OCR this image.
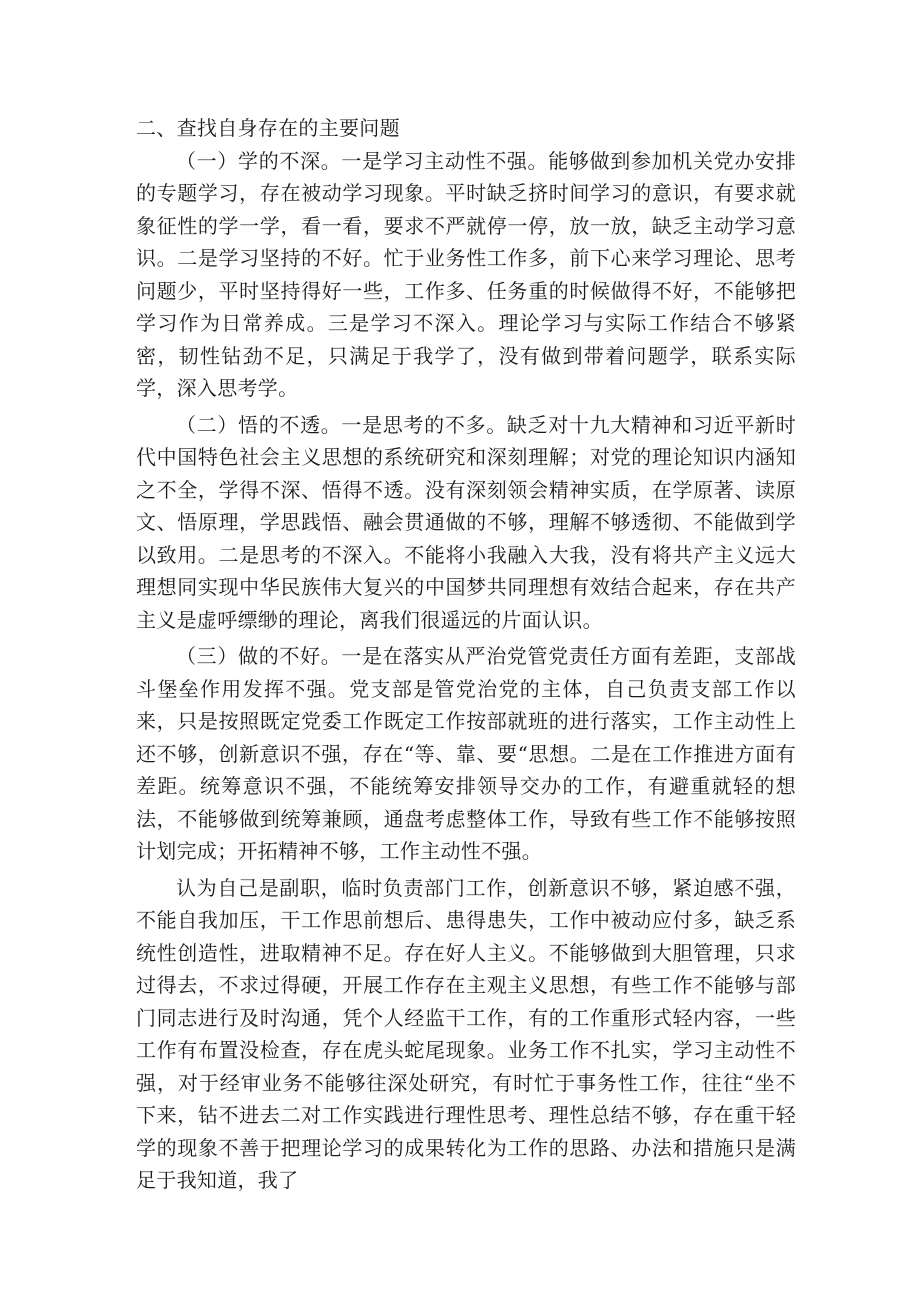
二、查找自身存在的主要问题

（一）学的不深。一是学习主动性不强。能够做到参加机关党办安排的专题学习，存在被动学习现象。平时缺乏挤时间学习的意识，有要求就象征性的学一学，看一看，要求不严就停一停，放一放，缺乏主动学习意识。二是学习坚持的不好。忙于业务性工作多，前下心来学习理论、思考问题少，平时坚持得好一些，工作多、任务重的时候做得不好，不能够把学习作为日常养成。三是学习不深入。理论学习与实际工作结合不够紧密，韧性钻劲不足，只满足于我学了，没有做到带着问题学，联系实际学，深入思考学。

（二）悟的不透。一是思考的不多。缺乏对十九大精神和习近平新时代中国特色社会主义思想的系统研究和深刻理解；对党的理论知识内涵知之不全，学得不深、悟得不透。没有深刻领会精神实质，在学原著、读原文、悟原理，学思践悟、融会贯通做的不够，理解不够透彻、不能做到学以致用。二是思考的不深入。不能将小我融入大我，没有将共产主义远大理想同实现中华民族伟大复兴的中国梦共同理想有效结合起来，存在共产主义是虚呼缥缈的理论，离我们很遥远的片面认识。

（三）做的不好。一是在落实从严治党管党责任方面有差距，支部战斗堡垒作用发挥不强。党支部是管党治党的主体，自己负责支部工作以来，只是按照既定党委工作既定工作按部就班的进行落实，工作主动性上还不够，创新意识不强，存在“等、靠、要“思想。二是在工作推进方面有差距。统筹意识不强，不能统筹安排领导交办的工作，有避重就轻的想法，不能够做到统筹兼顾，通盘考虑整体工作，导致有些工作不能够按照计划完成；开拓精神不够，工作主动性不强。

认为自己是副职，临时负责部门工作，创新意识不够，紧迫感不强，不能自我加压，干工作思前想后、患得患失，工作中被动应付多，缺乏系统性创造性，进取精神不足。存在好人主义。不能够做到大胆管理，只求过得去，不求过得硬，开展工作存在主观主义思想，有些工作不能够与部门同志进行及时沟通，凭个人经监干工作，有的工作重形式轻内容，一些工作有布置没检查，存在虎头蛇尾现象。业务工作不扎实，学习主动性不强，对于经审业务不能够往深处研究，有时忙于事务性工作，往往“坐不下来，钻不进去二对工作实践进行理性思考、理性总结不够，存在重干轻学的现象不善于把理论学习的成果转化为工作的思路、办法和措施只是满足于我知道，我了
